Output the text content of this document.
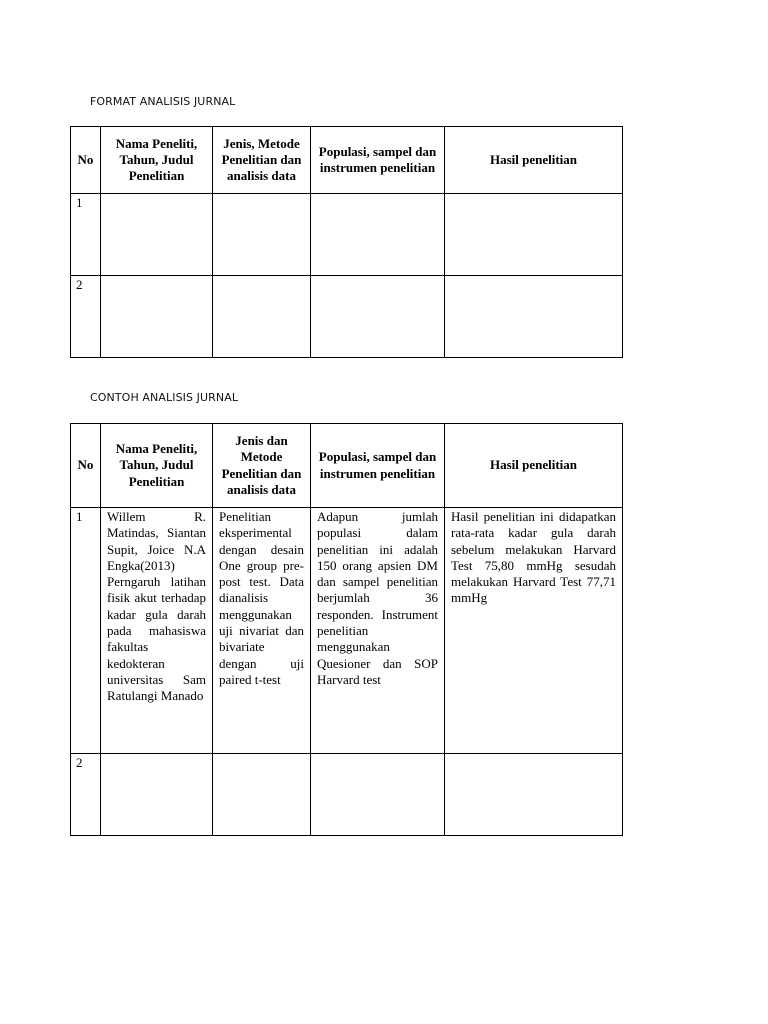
FORMAT ANALISIS JURNAL
No	Nama Peneliti, Tahun, Judul Penelitian	Jenis, Metode Penelitian dan analisis data	Populasi, sampel dan instrumen penelitian	Hasil penelitian
1				
2				
CONTOH ANALISIS JURNAL
No	Nama Peneliti, Tahun, Judul Penelitian	Jenis dan Metode Penelitian dan analisis data	Populasi, sampel dan instrumen penelitian	Hasil penelitian
1	Willem R. Matindas, Siantan Supit, Joice N.A Engka(2013) Perngaruh latihan fisik akut terhadap kadar gula darah pada mahasiswa fakultas kedokteran universitas Sam Ratulangi Manado	Penelitian eksperimental dengan desain One group pre-post test. Data dianalisis menggunakan uji nivariat dan bivariate dengan uji paired t-test	Adapun jumlah populasi dalam penelitian ini adalah 150 orang apsien DM dan sampel penelitian berjumlah 36 responden. Instrument penelitian menggunakan Quesioner dan SOP Harvard test	Hasil penelitian ini didapatkan rata-rata kadar gula darah sebelum melakukan Harvard Test 75,80 mmHg sesudah melakukan Harvard Test 77,71 mmHg
2				
